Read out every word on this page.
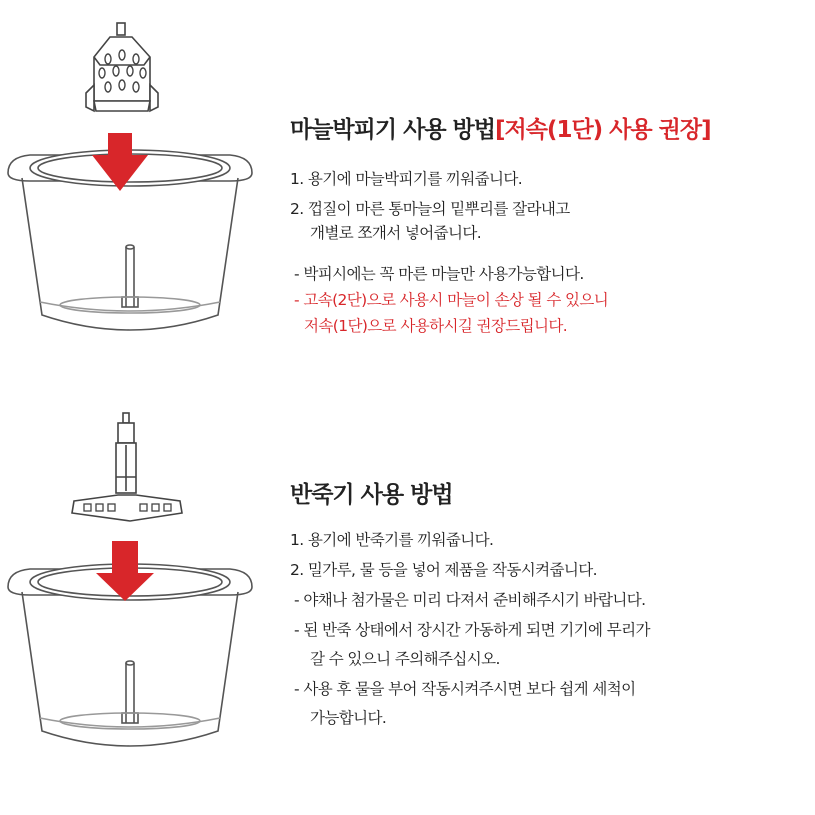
마늘박피기 사용 방법[저속(1단) 사용 권장]
1. 용기에 마늘박피기를 끼워줍니다.
2. 껍질이 마른 통마늘의 밑뿌리를 잘라내고
개별로 쪼개서 넣어줍니다.
- 박피시에는 꼭 마른 마늘만 사용가능합니다.
- 고속(2단)으로 사용시 마늘이 손상 될 수 있으니
저속(1단)으로 사용하시길 권장드립니다.
반죽기 사용 방법
1. 용기에 반죽기를 끼워줍니다.
2. 밀가루, 물 등을 넣어 제품을 작동시켜줍니다.
- 야채나 첨가물은 미리 다져서 준비해주시기 바랍니다.
- 된 반죽 상태에서 장시간 가동하게 되면 기기에 무리가
갈 수 있으니 주의해주십시오.
- 사용 후 물을 부어 작동시켜주시면 보다 쉽게 세척이
가능합니다.
